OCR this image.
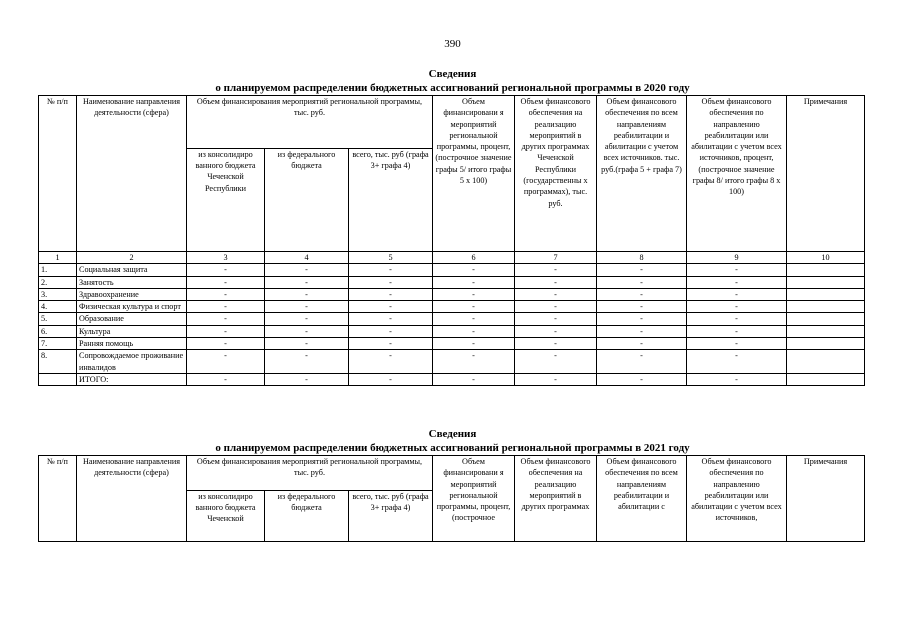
390
Сведения
о планируемом распределении бюджетных ассигнований региональной программы в 2020 году
№ п/п	Наименование направления деятельности (сфера)	Объем финансирования мероприятий региональной программы, тыс. руб.			Объем финансировани я мероприятий региональной программы, процент, (построчное значение графы 5/ итого графы 5 х 100)	Объем финансового обеспечения на реализацию мероприятий в других программах Чеченской Республики (государственны х программах), тыс. руб.	Объем финансового обеспечения по всем направлениям реабилитации и абилитации с учетом всех источников. тыс. руб.(графа 5 + графа 7)	Объем финансового обеспечения по направлению реабилитации или абилитации с учетом всех источников, процент, (построчное значение графы 8/ итого графы 8 х 100)	Примечания
		из консолидиро ванного бюджета Чеченской Республики	из федерального бюджета	всего, тыс. руб (графа 3+ графа 4)					
1	2	3	4	5	6	7	8	9	10
1.	Социальная защита	-	-	-	-	-	-	-	
2.	Занятость	-	-	-	-	-	-	-	
3.	Здравоохранение	-	-	-	-	-	-	-	
4.	Физическая культура и спорт	-	-	-	-	-	-	-	
5.	Образование	-	-	-	-	-	-	-	
6.	Культура	-	-	-	-	-	-	-	
7.	Ранняя помощь	-	-	-	-	-	-	-	
8.	Сопровождаемое проживание инвалидов	-	-	-	-	-	-	-	
	ИТОГО:	-	-	-	-	-	-	-	
Сведения
о планируемом распределении бюджетных ассигнований региональной программы в 2021 году
№ п/п	Наименование направления деятельности (сфера)	Объем финансирования мероприятий региональной программы, тыс. руб.			Объем финансировани я мероприятий региональной программы, процент, (построчное	Объем финансового обеспечения на реализацию мероприятий в других программах	Объем финансового обеспечения по всем направлениям реабилитации и абилитации с	Объем финансового обеспечения по направлению реабилитации или абилитации с учетом всех источников,	Примечания
		из консолидиро ванного бюджета Чеченской	из федерального бюджета	всего, тыс. руб (графа 3+ графа 4)					
